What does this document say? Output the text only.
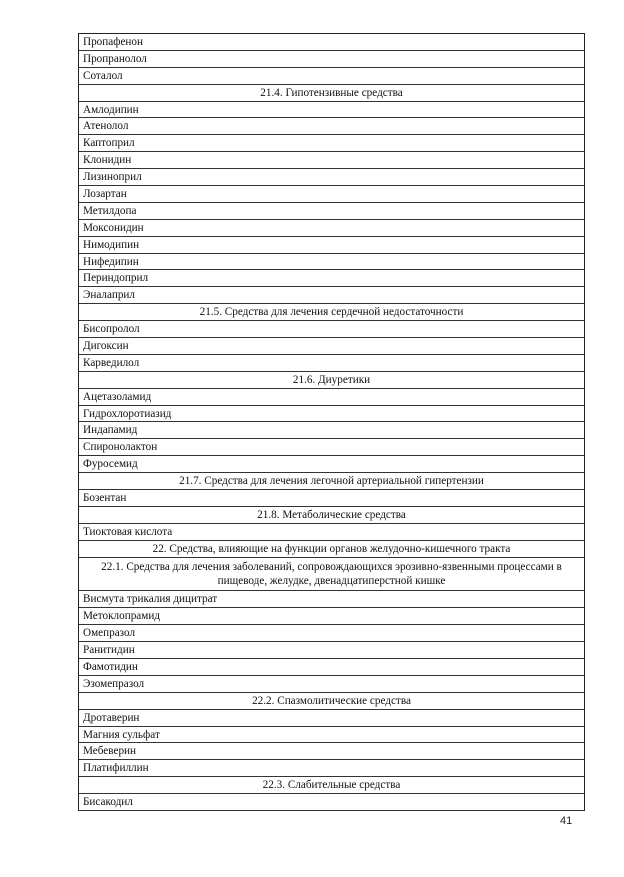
Пропафенон
Пропранолол
Соталол
21.4. Гипотензивные средства
Амлодипин
Атенолол
Каптоприл
Клонидин
Лизиноприл
Лозартан
Метилдопа
Моксонидин
Нимодипин
Нифедипин
Периндоприл
Эналаприл
21.5. Средства для лечения сердечной недостаточности
Бисопролол
Дигоксин
Карведилол
21.6. Диуретики
Ацетазоламид
Гидрохлоротиазид
Индапамид
Спиронолактон
Фуросемид
21.7. Средства для лечения легочной артериальной гипертензии
Бозентан
21.8. Метаболические средства
Тиоктовая кислота
22. Средства, влияющие на функции органов желудочно-кишечного тракта
22.1. Средства для лечения заболеваний, сопровождающихся эрозивно-язвенными процессами в пищеводе, желудке, двенадцатиперстной кишке
Висмута трикалия дицитрат
Метоклопрамид
Омепразол
Ранитидин
Фамотидин
Эзомепразол
22.2. Спазмолитические средства
Дротаверин
Магния сульфат
Мебеверин
Платифиллин
22.3. Слабительные средства
Бисакодил
41
